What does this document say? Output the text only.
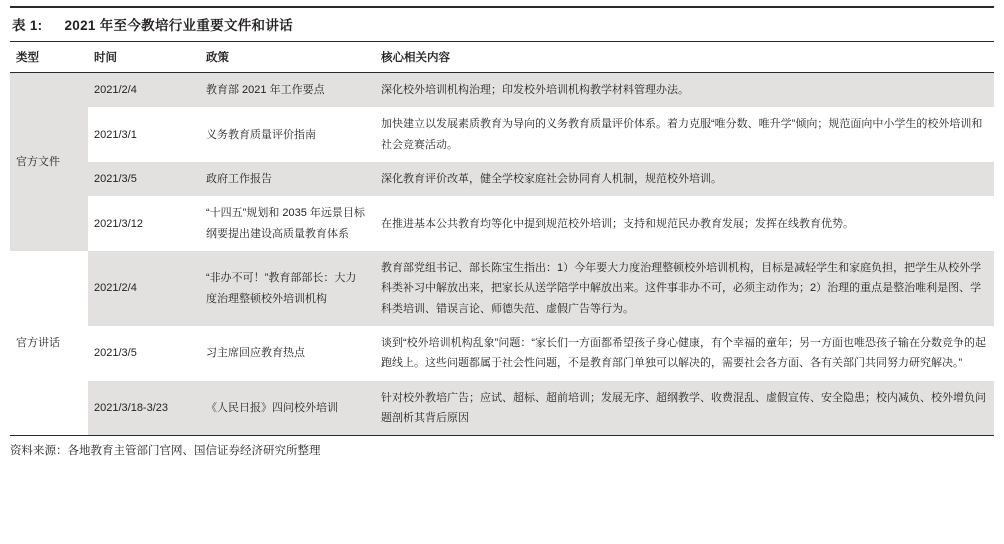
表 1: 2021 年至今教培行业重要文件和讲话
类型	时间	政策	核心相关内容
官方文件	2021/2/4	教育部 2021 年工作要点	深化校外培训机构治理；印发校外培训机构教学材料管理办法。
	2021/3/1	义务教育质量评价指南	加快建立以发展素质教育为导向的义务教育质量评价体系。着力克服“唯分数、唯升学”倾向；规范面向中小学生的校外培训和社会竞赛活动。
	2021/3/5	政府工作报告	深化教育评价改革，健全学校家庭社会协同育人机制，规范校外培训。
	2021/3/12	“十四五”规划和 2035 年远景目标纲要提出建设高质量教育体系	在推进基本公共教育均等化中提到规范校外培训；支持和规范民办教育发展；发挥在线教育优势。
官方讲话	2021/2/4	“非办不可！”教育部部长：大力度治理整顿校外培训机构	教育部党组书记、部长陈宝生指出：1）今年要大力度治理整顿校外培训机构，目标是减轻学生和家庭负担，把学生从校外学科类补习中解放出来，把家长从送学陪学中解放出来。这件事非办不可，必须主动作为；2）治理的重点是整治唯利是图、学科类培训、错误言论、师德失范、虚假广告等行为。
	2021/3/5	习主席回应教育热点	谈到“校外培训机构乱象”问题：“家长们一方面都希望孩子身心健康，有个幸福的童年；另一方面也唯恐孩子输在分数竞争的起跑线上。这些问题都属于社会性问题，不是教育部门单独可以解决的，需要社会各方面、各有关部门共同努力研究解决。”
	2021/3/18-3/23	《人民日报》四问校外培训	针对校外教培广告；应试、超标、超前培训；发展无序、超纲教学、收费混乱、虚假宣传、安全隐患；校内减负、校外增负问题剖析其背后原因
资料来源：各地教育主管部门官网、国信证券经济研究所整理
